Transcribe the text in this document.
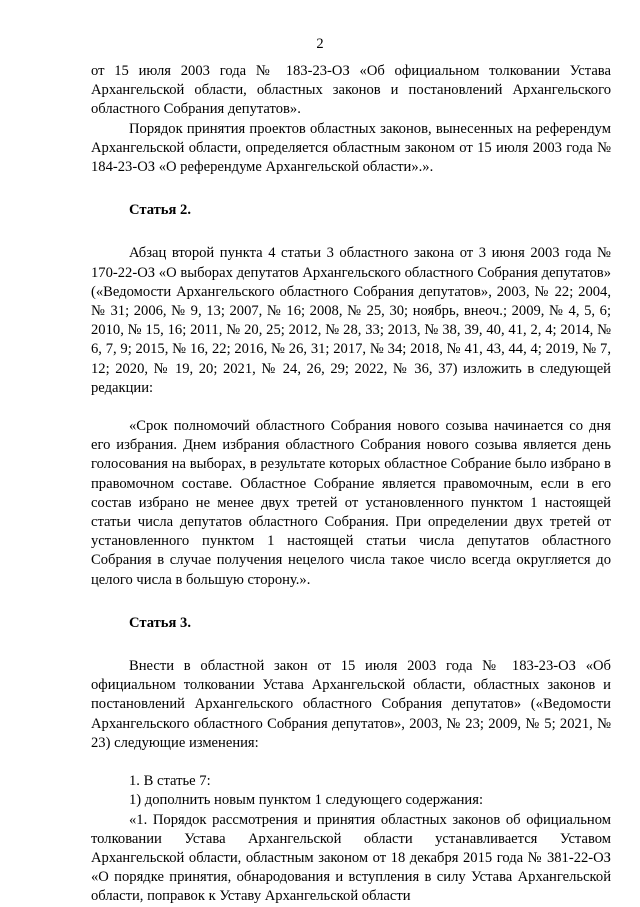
2

от 15 июля 2003 года № 183-23-ОЗ «Об официальном толковании Устава Архангельской области, областных законов и постановлений Архангельского областного Собрания депутатов».

Порядок принятия проектов областных законов, вынесенных на референдум Архангельской области, определяется областным законом от 15 июля 2003 года № 184-23-ОЗ «О референдуме Архангельской области».».

Статья 2.

Абзац второй пункта 4 статьи 3 областного закона от 3 июня 2003 года № 170-22-ОЗ «О выборах депутатов Архангельского областного Собрания депутатов» («Ведомости Архангельского областного Собрания депутатов», 2003, № 22; 2004, № 31; 2006, № 9, 13; 2007, № 16; 2008, № 25, 30; ноябрь, внеоч.; 2009, № 4, 5, 6; 2010, № 15, 16; 2011, № 20, 25; 2012, № 28, 33; 2013, № 38, 39, 40, 41, 2, 4; 2014, № 6, 7, 9; 2015, № 16, 22; 2016, № 26, 31; 2017, № 34; 2018, № 41, 43, 44, 4; 2019, № 7, 12; 2020, № 19, 20; 2021, № 24, 26, 29; 2022, № 36, 37) изложить в следующей редакции:

«Срок полномочий областного Собрания нового созыва начинается со дня его избрания. Днем избрания областного Собрания нового созыва является день голосования на выборах, в результате которых областное Собрание было избрано в правомочном составе. Областное Собрание является правомочным, если в его состав избрано не менее двух третей от установленного пунктом 1 настоящей статьи числа депутатов областного Собрания. При определении двух третей от установленного пунктом 1 настоящей статьи числа депутатов областного Собрания в случае получения нецелого числа такое число всегда округляется до целого числа в большую сторону.».

Статья 3.

Внести в областной закон от 15 июля 2003 года № 183-23-ОЗ «Об официальном толковании Устава Архангельской области, областных законов и постановлений Архангельского областного Собрания депутатов» («Ведомости Архангельского областного Собрания депутатов», 2003, № 23; 2009, № 5; 2021, № 23) следующие изменения:

1. В статье 7:

1) дополнить новым пунктом 1 следующего содержания:

«1. Порядок рассмотрения и принятия областных законов об официальном толковании Устава Архангельской области устанавливается Уставом Архангельской области, областным законом от 18 декабря 2015 года № 381-22-ОЗ «О порядке принятия, обнародования и вступления в силу Устава Архангельской области, поправок к Уставу Архангельской области
